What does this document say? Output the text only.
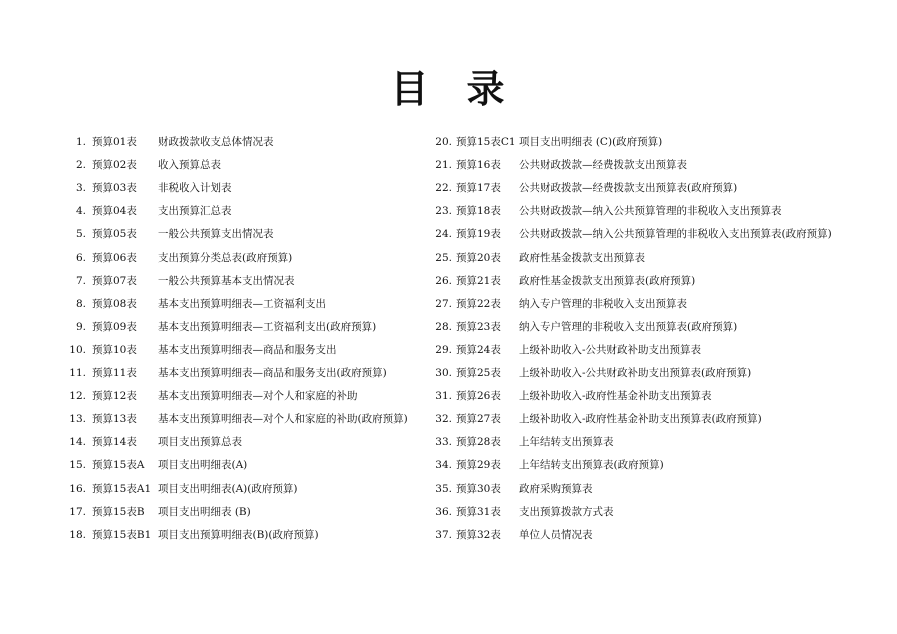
目 录
1. 预算01表 财政拨款收支总体情况表
2. 预算02表 收入预算总表
3. 预算03表 非税收入计划表
4. 预算04表 支出预算汇总表
5. 预算05表 一般公共预算支出情况表
6. 预算06表 支出预算分类总表(政府预算)
7. 预算07表 一般公共预算基本支出情况表
8. 预算08表 基本支出预算明细表—工资福利支出
9. 预算09表 基本支出预算明细表—工资福利支出(政府预算)
10. 预算10表 基本支出预算明细表—商品和服务支出
11. 预算11表 基本支出预算明细表—商品和服务支出(政府预算)
12. 预算12表 基本支出预算明细表—对个人和家庭的补助
13. 预算13表 基本支出预算明细表—对个人和家庭的补助(政府预算)
14. 预算14表 项目支出预算总表
15. 预算15表A 项目支出明细表(A)
16. 预算15表A1 项目支出明细表(A)(政府预算)
17. 预算15表B 项目支出明细表 (B)
18. 预算15表B1 项目支出预算明细表(B)(政府预算)
20. 预算15表C1 项目支出明细表 (C)(政府预算)
21. 预算16表 公共财政拨款—经费拨款支出预算表
22. 预算17表 公共财政拨款—经费拨款支出预算表(政府预算)
23. 预算18表 公共财政拨款—纳入公共预算管理的非税收入支出预算表
24. 预算19表 公共财政拨款—纳入公共预算管理的非税收入支出预算表(政府预算)
25. 预算20表 政府性基金拨款支出预算表
26. 预算21表 政府性基金拨款支出预算表(政府预算)
27. 预算22表 纳入专户管理的非税收入支出预算表
28. 预算23表 纳入专户管理的非税收入支出预算表(政府预算)
29. 预算24表 上级补助收入-公共财政补助支出预算表
30. 预算25表 上级补助收入-公共财政补助支出预算表(政府预算)
31. 预算26表 上级补助收入-政府性基金补助支出预算表
32. 预算27表 上级补助收入-政府性基金补助支出预算表(政府预算)
33. 预算28表 上年结转支出预算表
34. 预算29表 上年结转支出预算表(政府预算)
35. 预算30表 政府采购预算表
36. 预算31表 支出预算拨款方式表
37. 预算32表 单位人员情况表
